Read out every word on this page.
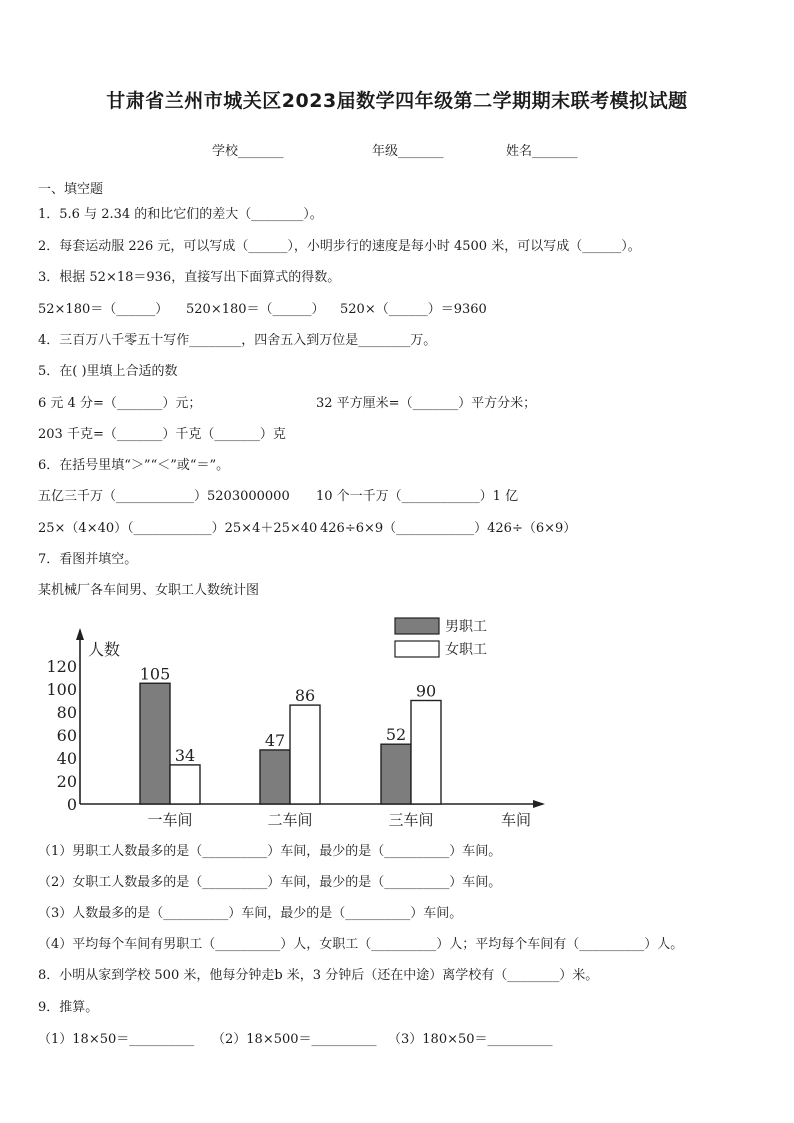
甘肃省兰州市城关区2023届数学四年级第二学期期末联考模拟试题
学校_______	年级_______	姓名_______
一、填空题
1．5.6 与 2.34 的和比它们的差大（________）。
2．每套运动服 226 元，可以写成（______），小明步行的速度是每小时 4500 米，可以写成（______）。
3．根据 52×18＝936，直接写出下面算式的得数。
52×180＝（______） 520×180＝（______） 520×（______）＝9360
4．三百万八千零五十写作________，四舍五入到万位是________万。
5．在( )里填上合适的数
6 元 4 分=（_______）元；	32 平方厘米=（_______）平方分米；
203 千克=（_______）千克（_______）克
6．在括号里填“＞”“＜”或“＝”。
五亿三千万（____________）5203000000 10 个一千万（____________）1 亿
25×（4×40）（____________）25×4＋25×40 426÷6×9（____________）426÷（6×9）
7．看图并填空。
某机械厂各车间男、女职工人数统计图
人数
车间
0
20
40
60
80
100
120	105
34
一车间
47
86
二车间
52
90
三车间
男职工
女职工
（1）男职工人数最多的是（__________）车间，最少的是（__________）车间。
（2）女职工人数最多的是（__________）车间，最少的是（__________）车间。
（3）人数最多的是（__________）车间，最少的是（__________）车间。
（4）平均每个车间有男职工（__________）人，女职工（__________）人；平均每个车间有（__________）人。
8．小明从家到学校 500 米，他每分钟走b 米，3 分钟后（还在中途）离学校有（________）米。
9．推算。
（1）18×50＝__________ （2）18×500＝__________ （3）180×50＝__________
